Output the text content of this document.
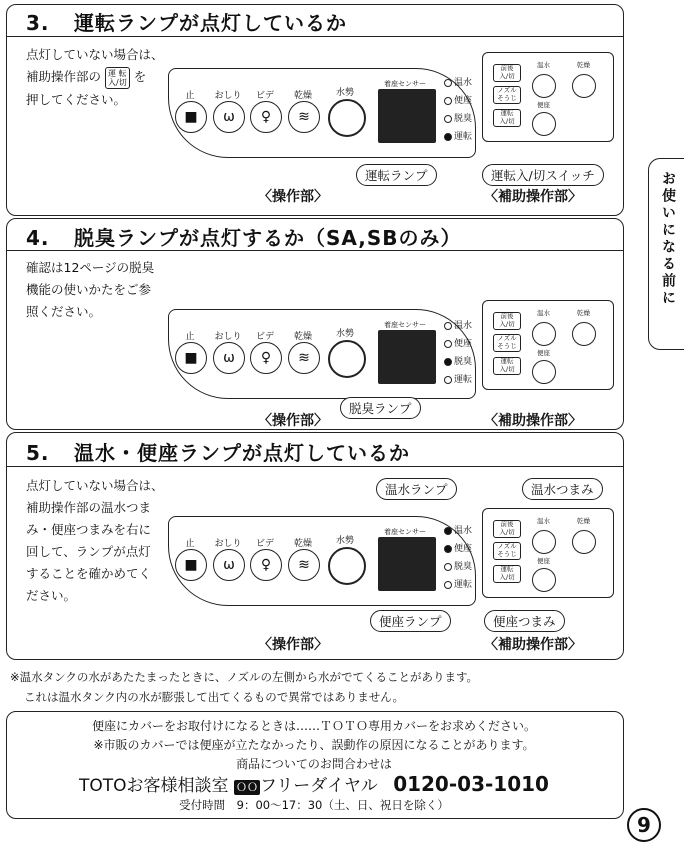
3. 運転ランプが点灯しているか
点灯していない場合は、
補助操作部の 運 転
入/切 を
押してください。	止
■
おしり
ω
ビデ
♀
乾燥
≋
水勢
着座センサー	温水
便座
脱臭
運転
前後
入/切
ノズル
そうじ
運転
入/切
温水	乾燥
便座
運転ランプ	運転入/切スイッチ
〈操作部〉	〈補助操作部〉
4. 脱臭ランプが点灯するか（SA,SBのみ）
確認は12ページの脱臭
機能の使いかたをご参
照ください。
止
■
おしり
ω
ビデ
♀
乾燥
≋
水勢
着座センサー	温水
便座
脱臭
運転
前後
入/切
ノズル
そうじ
運転
入/切
温水	乾燥
便座
脱臭ランプ
〈操作部〉	〈補助操作部〉
5. 温水・便座ランプが点灯しているか
点灯していない場合は、
補助操作部の温水つま
み・便座つまみを右に
回して、ランプが点灯
することを確かめてく
ださい。
温水ランプ	温水つまみ
止
■
おしり
ω
ビデ
♀
乾燥
≋
水勢
着座センサー	温水
便座
脱臭
運転
前後
入/切
ノズル
そうじ
運転
入/切
温水	乾燥
便座
便座ランプ	便座つまみ
〈操作部〉	〈補助操作部〉
※温水タンクの水があたたまったときに、ノズルの左側から水がでてくることがあります。
これは温水タンク内の水が膨張して出てくるもので異常ではありません。
便座にカバーをお取付けになるときは……ＴＯＴＯ専用カバーをお求めください。
※市販のカバーでは便座が立たなかったり、誤動作の原因になることがあります。
商品についてのお問合わせは
TOTOお客様相談室 ＯＯ フリーダイヤル 0120-03-1010
受付時間　9：00〜17：30（土、日、祝日を除く）
お使いになる前に
9
